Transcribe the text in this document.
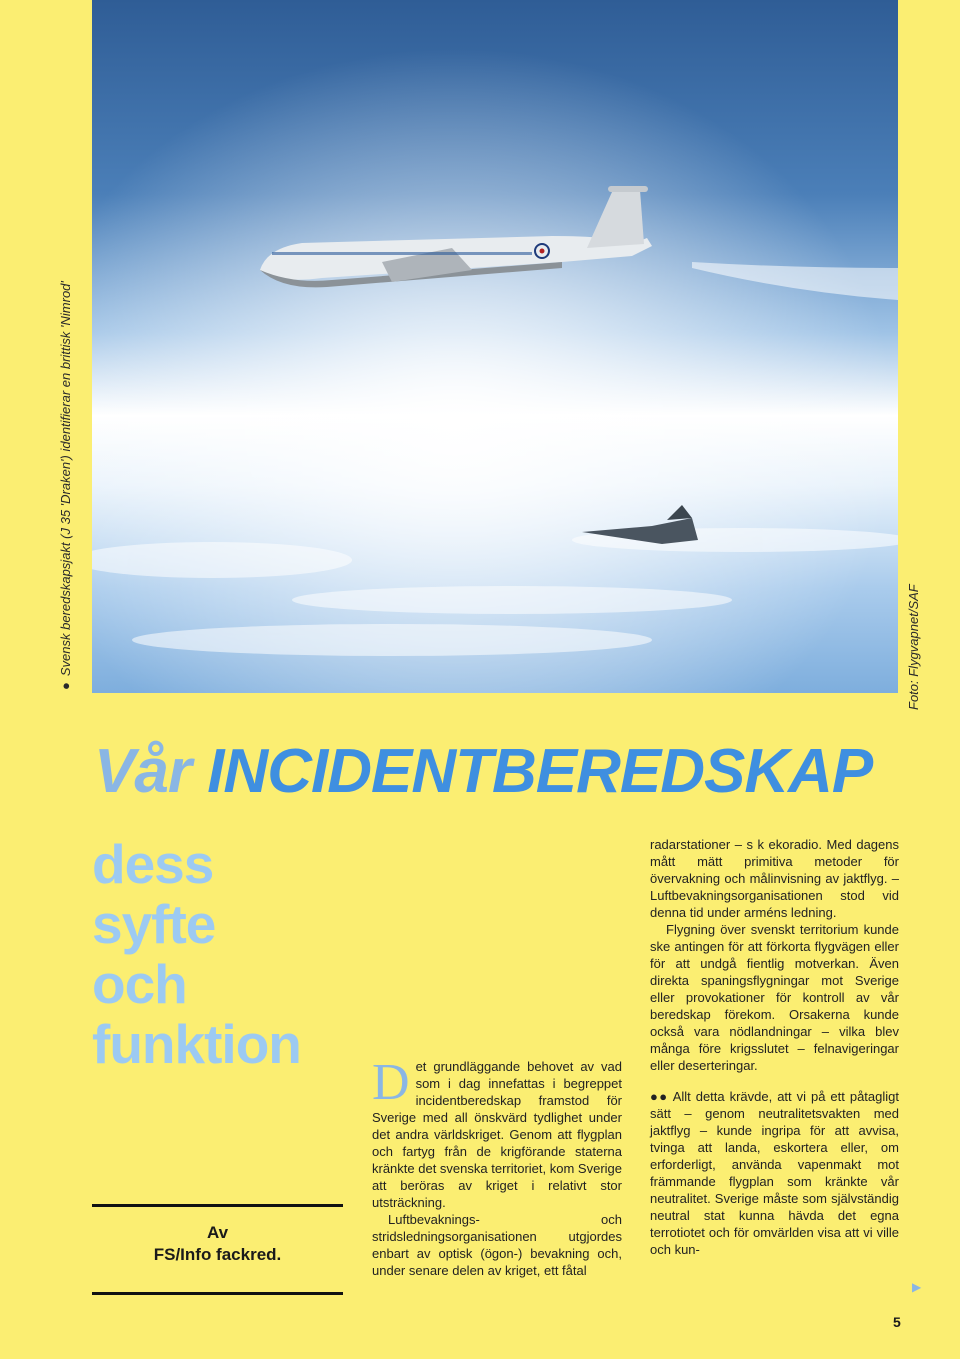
●Svensk beredskapsjakt (J 35 'Draken') identifierar en brittisk 'Nimrod'	Foto: Flygvapnet/SAF
Vår INCIDENTBEREDSKAP
dess
syfte
och
funktion
Av
FS/Info fackred.

Det grundläggande behovet av vad som i dag innefattas i begreppet incidentberedskap framstod för Sverige med all önskvärd tydlighet under det andra världskriget. Genom att flygplan och fartyg från de krigförande staterna kränkte det svenska territoriet, kom Sverige att beröras av kriget i relativt stor utsträckning.

Luftbevaknings- och stridsledningsorganisationen utgjordes enbart av optisk (ögon-) bevakning och, under senare delen av kriget, ett fåtal

radarstationer – s k ekoradio. Med dagens mått mätt primitiva metoder för övervakning och målinvisning av jaktflyg. – Luftbevakningsorganisationen stod vid denna tid under arméns ledning.

Flygning över svenskt territorium kunde ske antingen för att förkorta flygvägen eller för att undgå fientlig motverkan. Även direkta spaningsflygningar mot Sverige eller provokationer för kontroll av vår beredskap förekom. Orsakerna kunde också vara nödlandningar – vilka blev många före krigsslutet – felnavigeringar eller deserteringar.

●● Allt detta krävde, att vi på ett påtagligt sätt – genom neutralitetsvakten med jaktflyg – kunde ingripa för att avvisa, tvinga att landa, eskortera eller, om erforderligt, använda vapenmakt mot främmande flygplan som kränkte vår neutralitet. Sverige måste som självständig neutral stat kunna hävda det egna terrotiotet och för omvärlden visa att vi ville och kun-

▶
5
